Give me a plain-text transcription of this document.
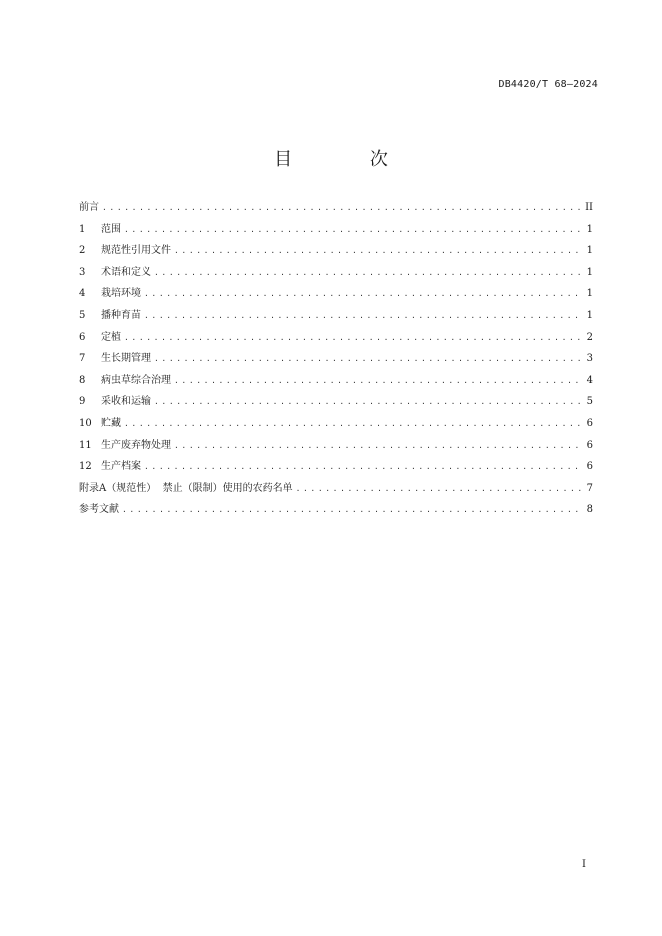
DB4420/T 68—2024
目 次
前言 .....	II
1	范围 .....	1
2	规范性引用文件 .....	1
3	术语和定义 .....	1
4	栽培环境 .....	1
5	播种育苗 .....	1
6	定植 .....	2
7	生长期管理 .....	3
8	病虫草综合治理 .....	4
9	采收和运输 .....	5
10 贮藏 .....	6
11 生产废弃物处理 .....	6
12 生产档案 .....	6
附录A（规范性）  禁止（限制）使用的农药名单 .....	7
参考文献 .....	8
I
